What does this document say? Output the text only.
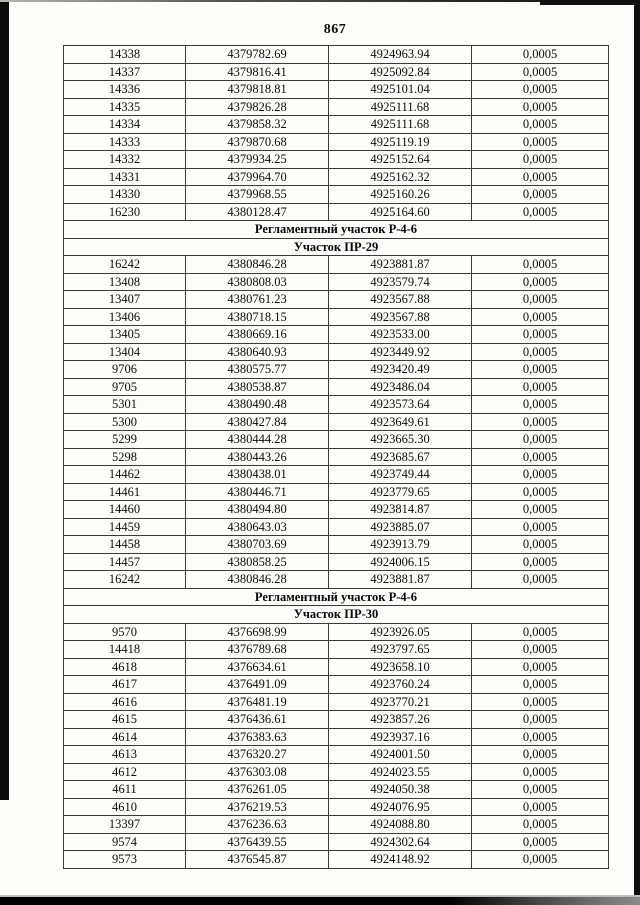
867
14338	4379782.69	4924963.94	0,0005
14337	4379816.41	4925092.84	0,0005
14336	4379818.81	4925101.04	0,0005
14335	4379826.28	4925111.68	0,0005
14334	4379858.32	4925111.68	0,0005
14333	4379870.68	4925119.19	0,0005
14332	4379934.25	4925152.64	0,0005
14331	4379964.70	4925162.32	0,0005
14330	4379968.55	4925160.26	0,0005
16230	4380128.47	4925164.60	0,0005
Регламентный участок Р-4-6			
Участок ПР-29			
16242	4380846.28	4923881.87	0,0005
13408	4380808.03	4923579.74	0,0005
13407	4380761.23	4923567.88	0,0005
13406	4380718.15	4923567.88	0,0005
13405	4380669.16	4923533.00	0,0005
13404	4380640.93	4923449.92	0,0005
9706	4380575.77	4923420.49	0,0005
9705	4380538.87	4923486.04	0,0005
5301	4380490.48	4923573.64	0,0005
5300	4380427.84	4923649.61	0,0005
5299	4380444.28	4923665.30	0,0005
5298	4380443.26	4923685.67	0,0005
14462	4380438.01	4923749.44	0,0005
14461	4380446.71	4923779.65	0,0005
14460	4380494.80	4923814.87	0,0005
14459	4380643.03	4923885.07	0,0005
14458	4380703.69	4923913.79	0,0005
14457	4380858.25	4924006.15	0,0005
16242	4380846.28	4923881.87	0,0005
Регламентный участок Р-4-6			
Участок ПР-30			
9570	4376698.99	4923926.05	0,0005
14418	4376789.68	4923797.65	0,0005
4618	4376634.61	4923658.10	0,0005
4617	4376491.09	4923760.24	0,0005
4616	4376481.19	4923770.21	0,0005
4615	4376436.61	4923857.26	0,0005
4614	4376383.63	4923937.16	0,0005
4613	4376320.27	4924001.50	0,0005
4612	4376303.08	4924023.55	0,0005
4611	4376261.05	4924050.38	0,0005
4610	4376219.53	4924076.95	0,0005
13397	4376236.63	4924088.80	0,0005
9574	4376439.55	4924302.64	0,0005
9573	4376545.87	4924148.92	0,0005
